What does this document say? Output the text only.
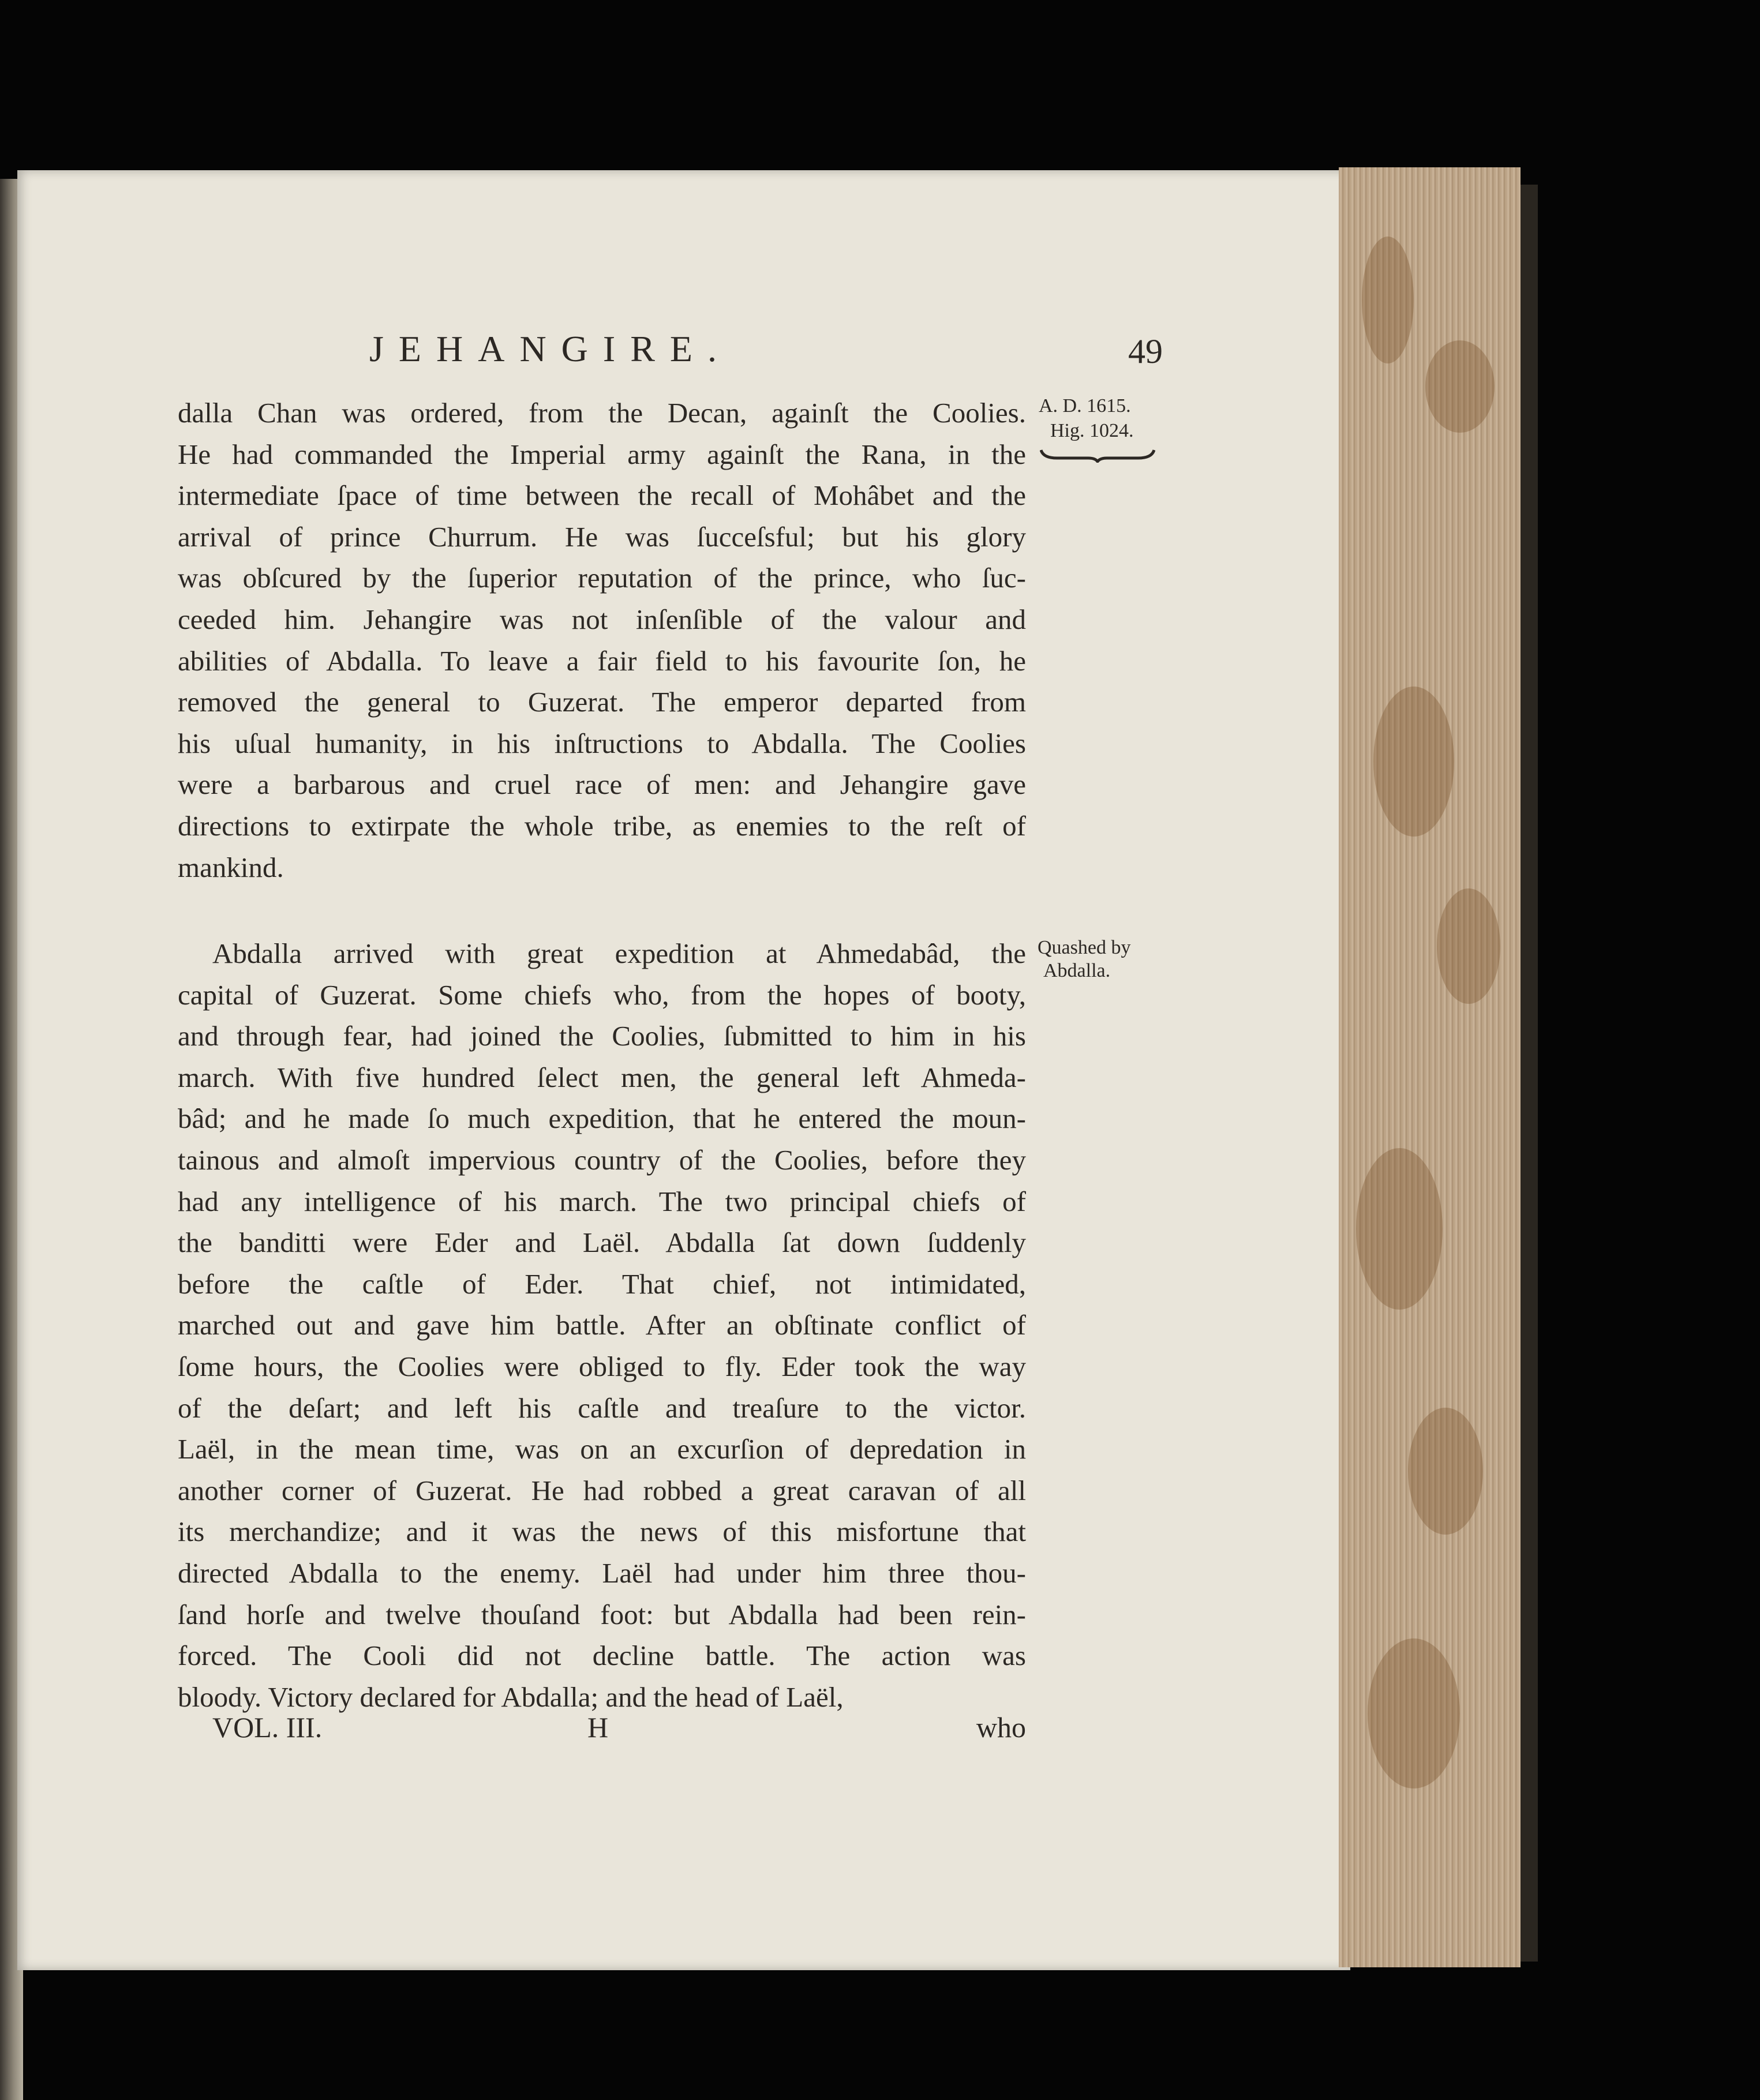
JEHANGIRE.	49
A. D. 1615.
Hig. 1024.
Quashed by
Abdalla.
dalla Chan was ordered, from the Decan, againſt the Coolies.
He had commanded the Imperial army againſt the Rana, in the
intermediate ſpace of time between the recall of Mohâbet and the
arrival of prince Churrum. He was ſucceſsful; but his glory
was obſcured by the ſuperior reputation of the prince, who ſuc-
ceeded him. Jehangire was not inſenſible of the valour and
abilities of Abdalla. To leave a fair field to his favourite ſon, he
removed the general to Guzerat. The emperor departed from
his uſual humanity, in his inſtructions to Abdalla. The Coolies
were a barbarous and cruel race of men: and Jehangire gave
directions to extirpate the whole tribe, as enemies to the reſt of
mankind.
Abdalla arrived with great expedition at Ahmedabâd, the
capital of Guzerat. Some chiefs who, from the hopes of booty,
and through fear, had joined the Coolies, ſubmitted to him in his
march. With five hundred ſelect men, the general left Ahmeda-
bâd; and he made ſo much expedition, that he entered the moun-
tainous and almoſt impervious country of the Coolies, before they
had any intelligence of his march. The two principal chiefs of
the banditti were Eder and Laël. Abdalla ſat down ſuddenly
before the caſtle of Eder. That chief, not intimidated,
marched out and gave him battle. After an obſtinate conflict of
ſome hours, the Coolies were obliged to fly. Eder took the way
of the deſart; and left his caſtle and treaſure to the victor.
Laël, in the mean time, was on an excurſion of depredation in
another corner of Guzerat. He had robbed a great caravan of all
its merchandize; and it was the news of this misfortune that
directed Abdalla to the enemy. Laël had under him three thou-
ſand horſe and twelve thouſand foot: but Abdalla had been rein-
forced. The Cooli did not decline battle. The action was
bloody. Victory declared for Abdalla; and the head of Laël,
VOL. III.	H	who
